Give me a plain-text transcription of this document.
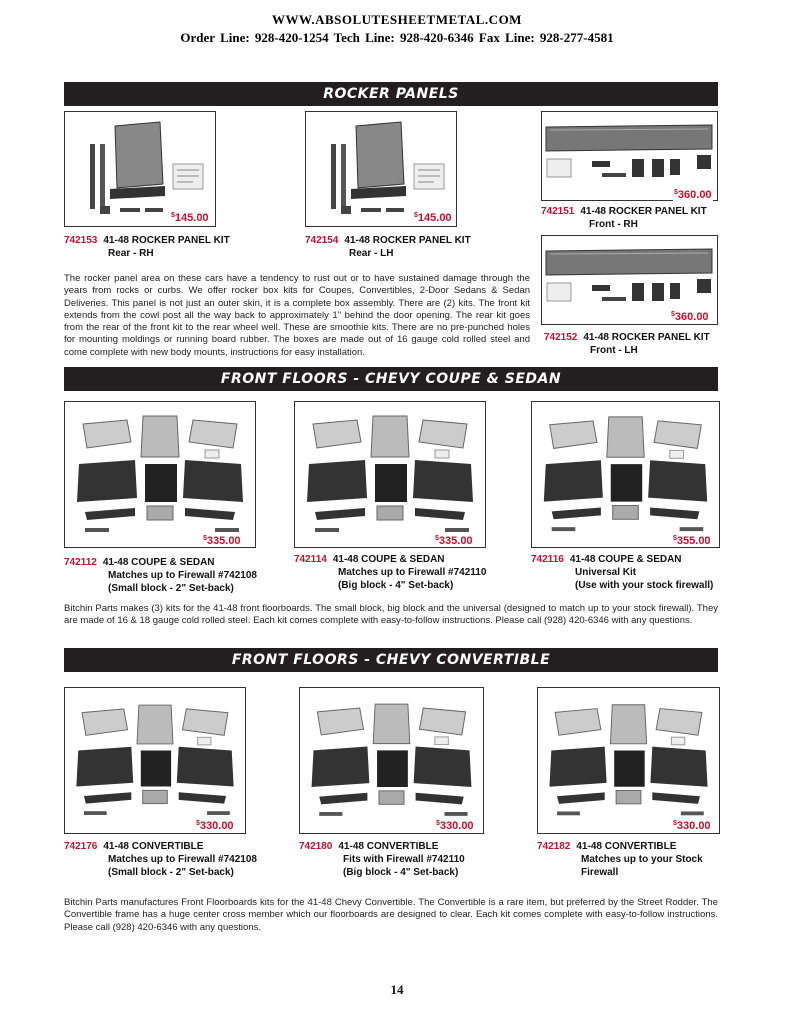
WWW.ABSOLUTESHEETMETAL.COM
Order Line: 928-420-1254 Tech Line: 928-420-6346 Fax Line: 928-277-4581
ROCKER PANELS
$145.00
742153 41-48 ROCKER PANEL KIT
Rear - RH
$145.00
742154 41-48 ROCKER PANEL KIT
Rear - LH
$360.00
742151 41-48 ROCKER PANEL KIT
Front - RH
$360.00
742152 41-48 ROCKER PANEL KIT
Front - LH
The rocker panel area on these cars have a tendency to rust out or to have sustained damage through the years from rocks or curbs. We offer rocker box kits for Coupes, Convertibles, 2-Door Sedans & Sedan Deliveries. This panel is not just an outer skin, it is a complete box assembly. There are (2) kits. The front kit extends from the cowl post all the way back to approximately 1" behind the door opening. The rear kit goes from the rear of the front kit to the rear wheel well. These are smoothie kits. There are no pre-punched holes for mounting moldings or running board rubber. The boxes are made out of 16 gauge cold rolled steel and come complete with new body mounts, instructions for easy installation.
FRONT FLOORS - CHEVY COUPE & SEDAN
$335.00
742112 41-48 COUPE & SEDAN
Matches up to Firewall #742108
(Small block - 2" Set-back)
$335.00
742114 41-48 COUPE & SEDAN
Matches up to Firewall #742110
(Big block - 4" Set-back)
$355.00
742116 41-48 COUPE & SEDAN
Universal Kit
(Use with your stock firewall)
Bitchin Parts makes (3) kits for the 41-48 front floorboards. The small block, big block and the universal (designed to match up to your stock firewall). They are made of 16 & 18 gauge cold rolled steel. Each kit comes complete with easy-to-follow instructions. Please call (928) 420-6346 with any questions.
FRONT FLOORS - CHEVY CONVERTIBLE
$330.00
742176 41-48 CONVERTIBLE
Matches up to Firewall #742108
(Small block - 2" Set-back)
$330.00
742180 41-48 CONVERTIBLE
Fits with Firewall #742110
(Big block - 4" Set-back)
$330.00
742182 41-48 CONVERTIBLE
Matches up to your Stock
Firewall
Bitchin Parts manufactures Front Floorboards kits for the 41-48 Chevy Convertible. The Convertible is a rare item, but preferred by the Street Rodder. The Convertible frame has a huge center cross member which our floorboards are designed to clear. Each kit comes complete with easy-to-follow instructions. Please call (928) 420-6346 with any questions.
14
